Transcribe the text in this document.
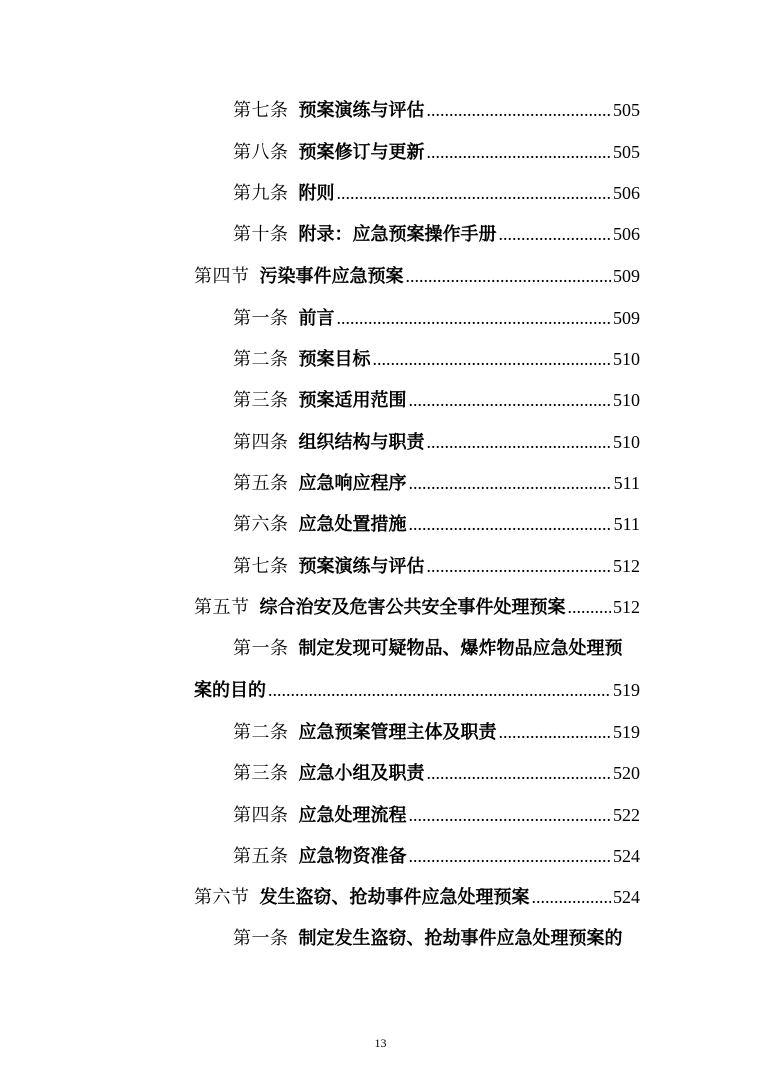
第七条 预案演练与评估 .....	505
第八条 预案修订与更新 .....	505
第九条 附则 .....	506
第十条 附录：应急预案操作手册 .....	506
第四节 污染事件应急预案 .....	509
第一条 前言 .....	509
第二条 预案目标 .....	510
第三条 预案适用范围 .....	510
第四条 组织结构与职责 .....	510
第五条 应急响应程序 .....	511
第六条 应急处置措施 .....	511
第七条 预案演练与评估 .....	512
第五节 综合治安及危害公共安全事件处理预案 .....	512
第一条 制定发现可疑物品、爆炸物品应急处理预
案的目的 .....	519
第二条 应急预案管理主体及职责 .....	519
第三条 应急小组及职责 .....	520
第四条 应急处理流程 .....	522
第五条 应急物资准备 .....	524
第六节 发生盗窃、抢劫事件应急处理预案 .....	524
第一条 制定发生盗窃、抢劫事件应急处理预案的
13
